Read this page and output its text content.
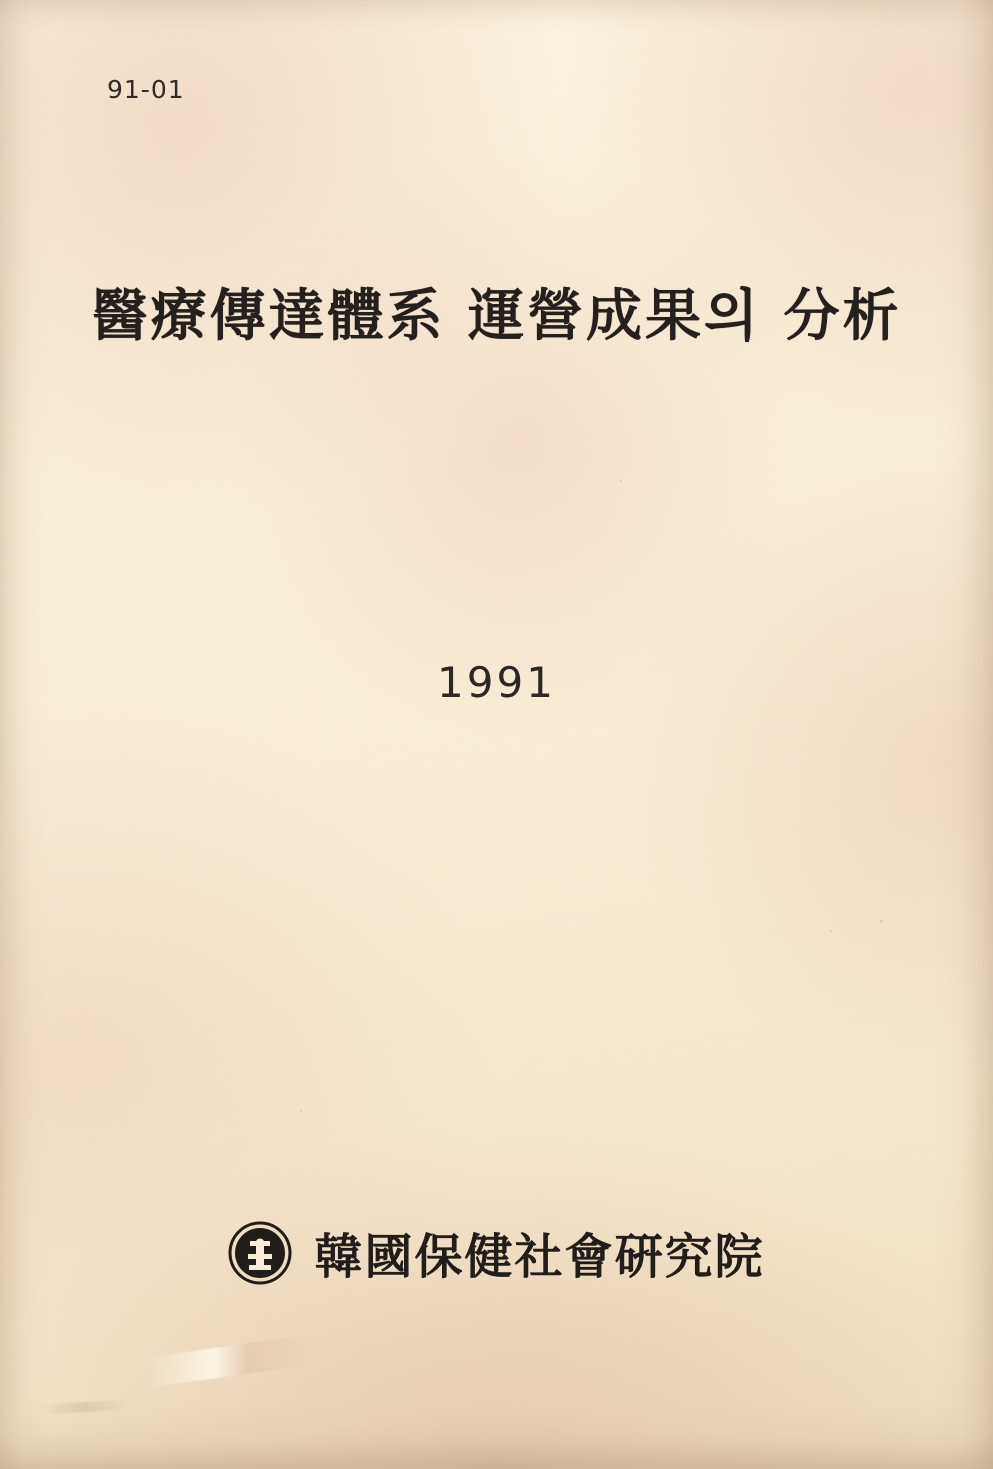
91-01
醫療傳達體系 運營成果의 分析
1991
韓國保健社會硏究院
